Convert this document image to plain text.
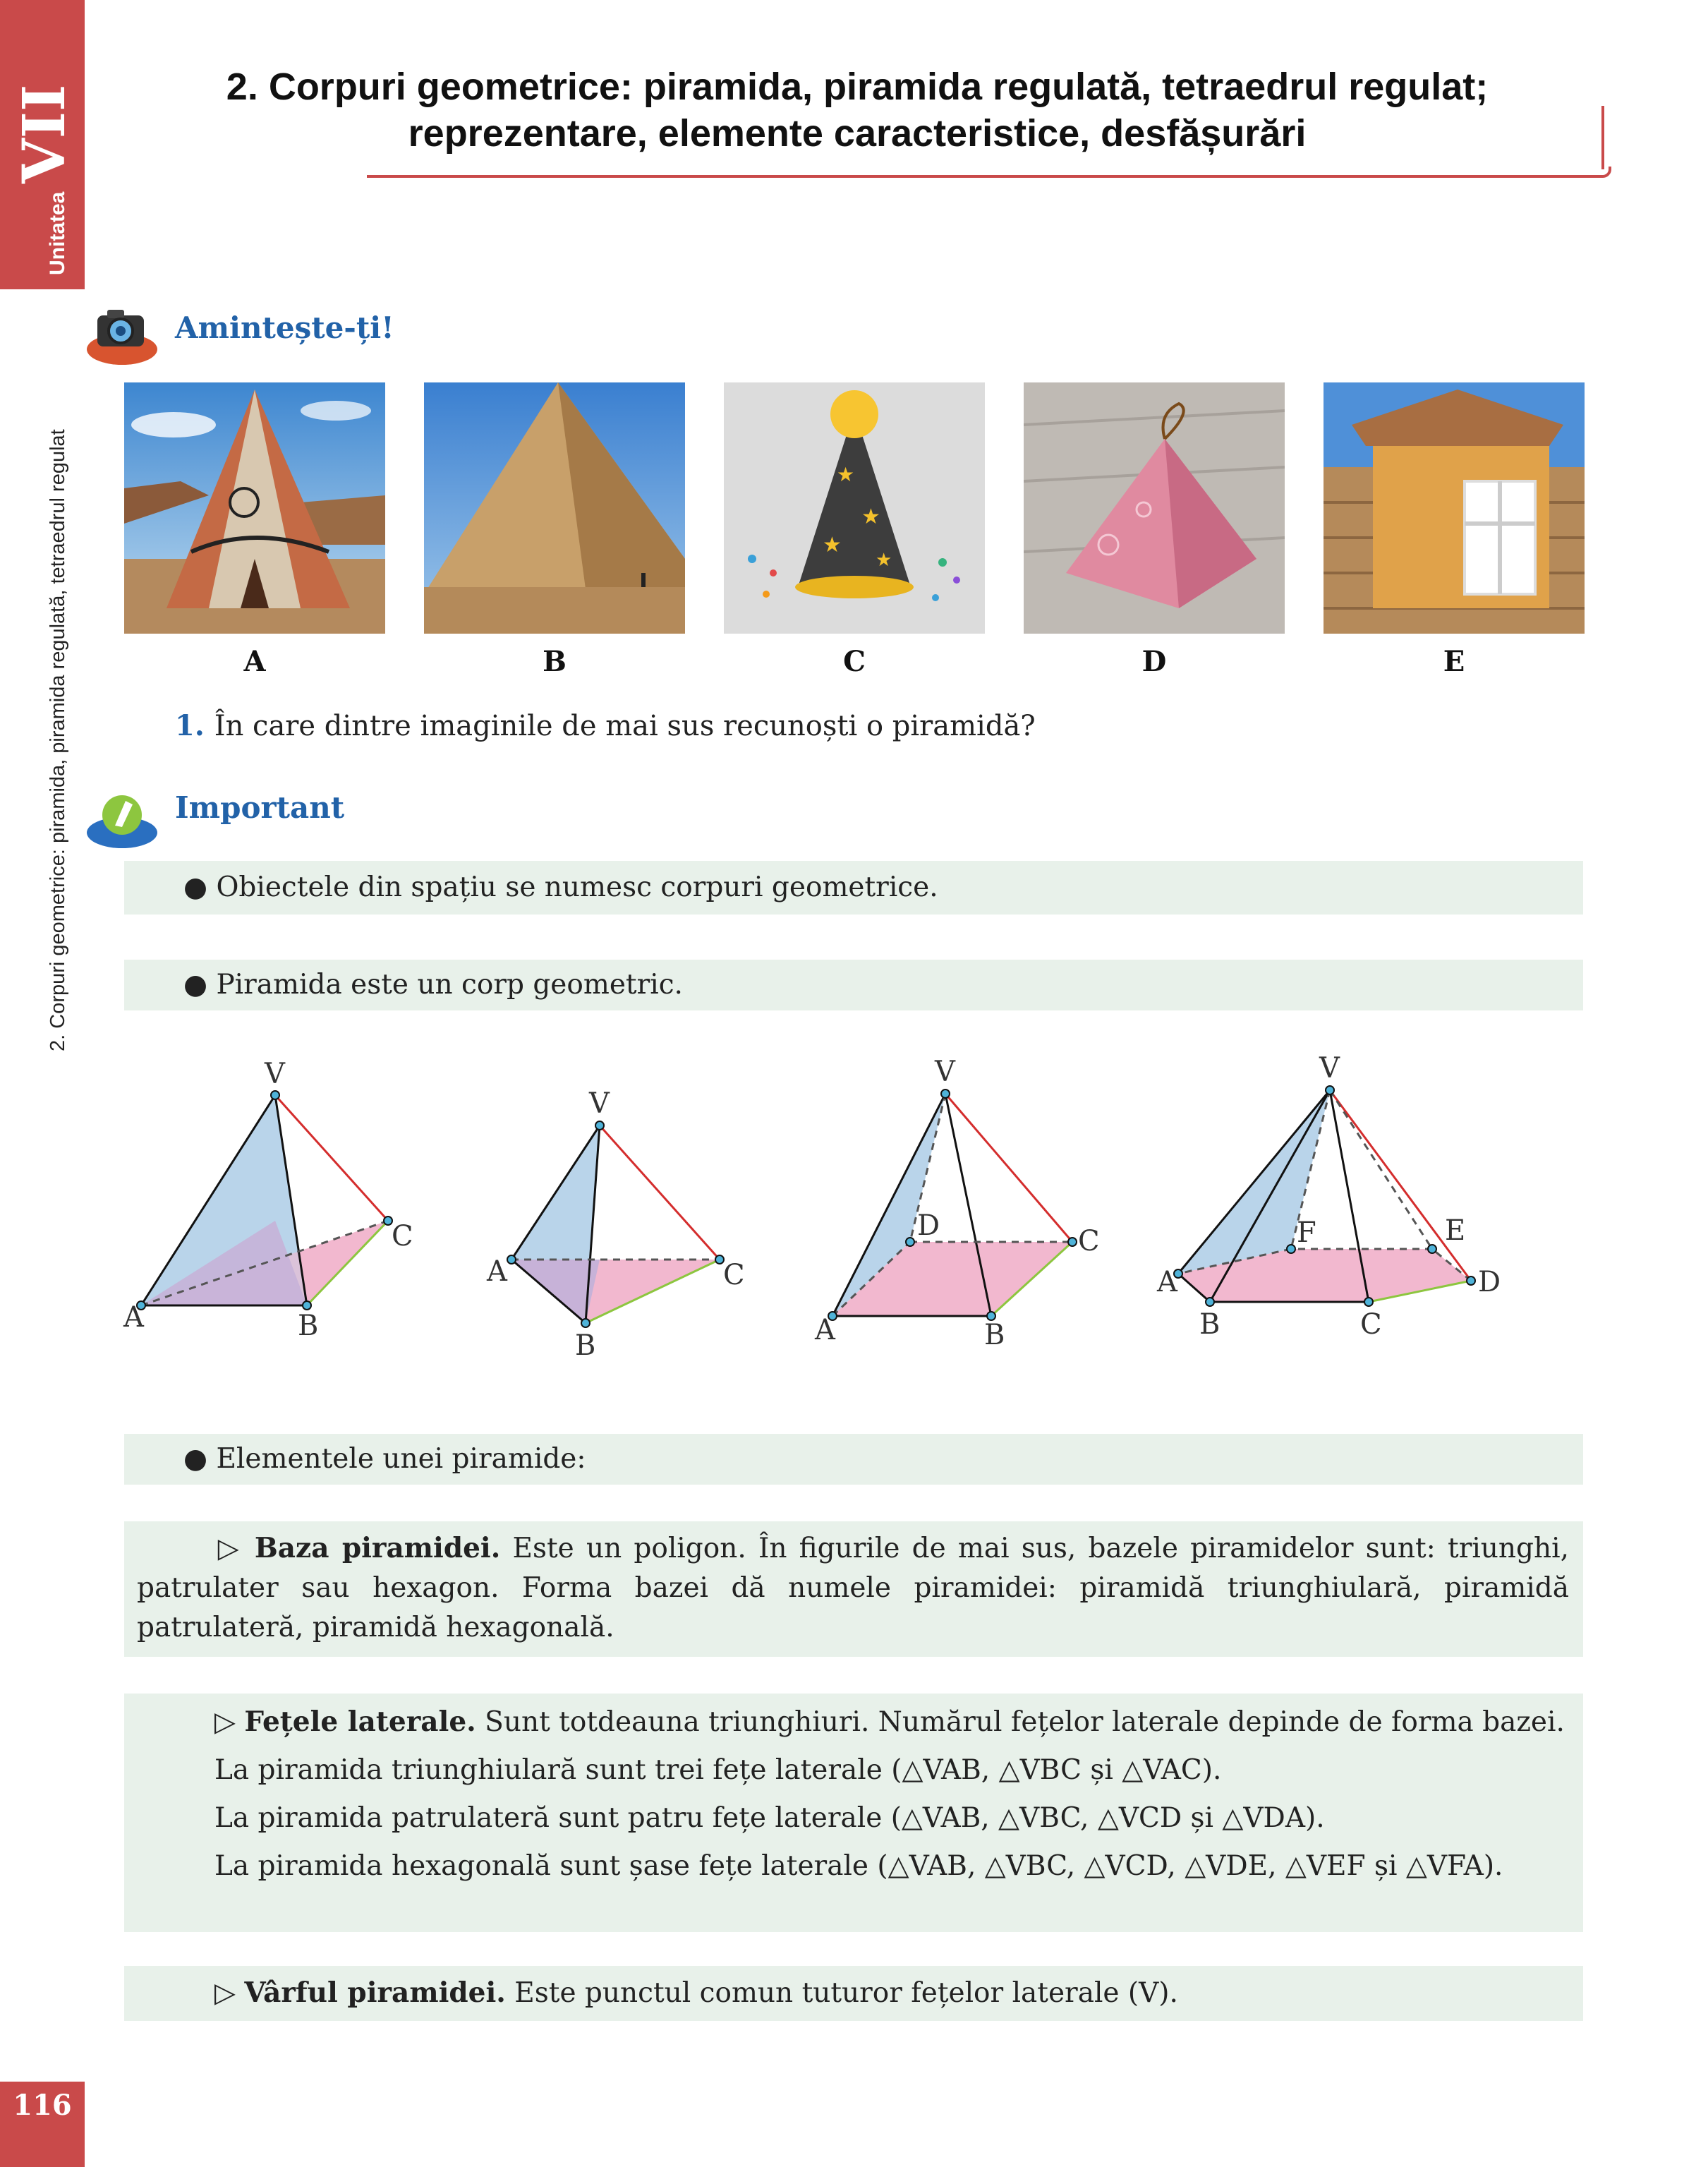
VII
Unitatea
2. Corpuri geometrice: piramida, piramida regulată, tetraedrul regulat
116

2. Corpuri geometrice: piramida, piramida regulată, tetraedrul regulat;

reprezentare, elemente caracteristice, desfășurări

Amintește-ți!
A	B
★
★
★
★
C	D	E
1. În care dintre imaginile de mai sus recunoști o piramidă?
Important
● Obiectele din spațiu se numesc corpuri geometrice.
● Piramida este un corp geometric.
V
A	B
C
V
A
B
C
V
A	B
C
D
V
A
B	C
D
E
F
● Elementele unei piramide:
▷ Baza piramidei. Este un poligon. În figurile de mai sus, bazele piramidelor sunt: triunghi, patrulater sau hexagon. Forma bazei dă numele piramidei: piramidă triunghiulară, piramidă patrulateră, piramidă hexagonală.
▷ Fețele laterale. Sunt totdeauna triunghiuri. Numărul fețelor laterale depinde de forma bazei.
La piramida triunghiulară sunt trei fețe laterale (△VAB, △VBC și △VAC).
La piramida patrulateră sunt patru fețe laterale (△VAB, △VBC, △VCD și △VDA).
La piramida hexagonală sunt șase fețe laterale (△VAB, △VBC, △VCD, △VDE, △VEF și △VFA).
▷ Vârful piramidei. Este punctul comun tuturor fețelor laterale (V).
